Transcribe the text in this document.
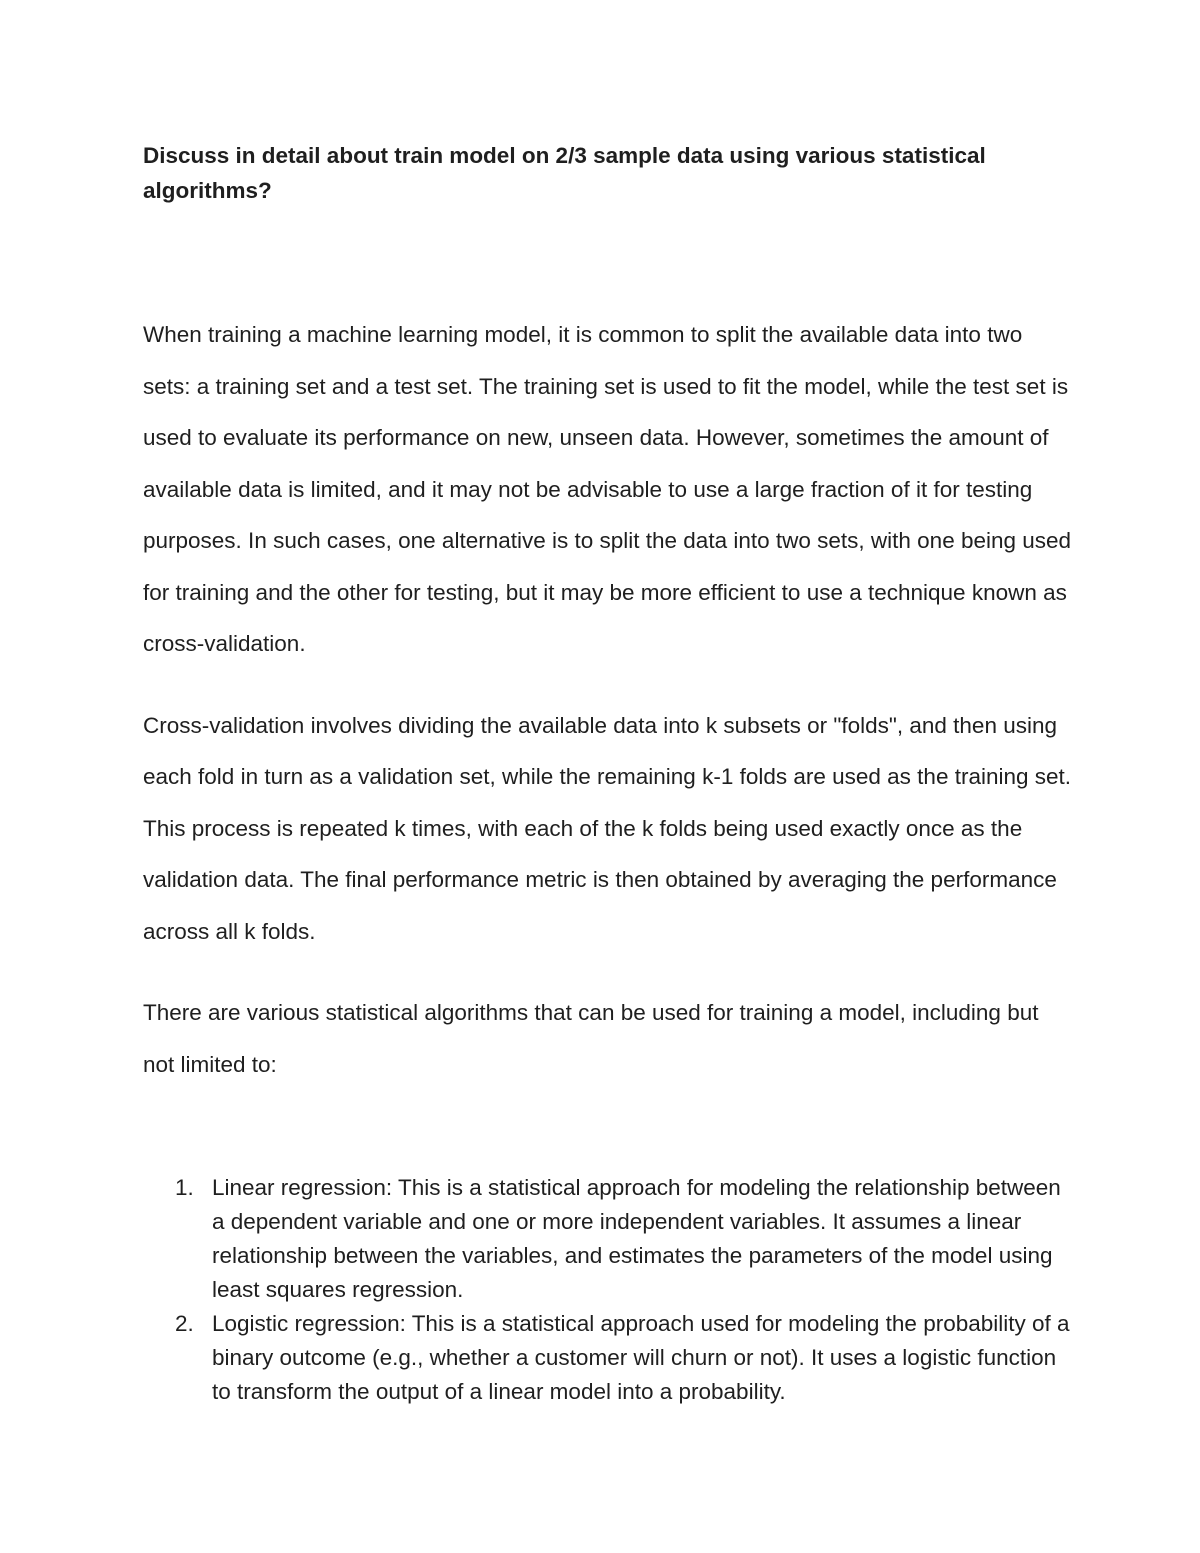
Discuss in detail about train model on 2/3 sample data using various statistical algorithms?

When training a machine learning model, it is common to split the available data into two sets: a training set and a test set. The training set is used to fit the model, while the test set is used to evaluate its performance on new, unseen data. However, sometimes the amount of available data is limited, and it may not be advisable to use a large fraction of it for testing purposes. In such cases, one alternative is to split the data into two sets, with one being used for training and the other for testing, but it may be more efficient to use a technique known as cross-validation.

Cross-validation involves dividing the available data into k subsets or "folds", and then using each fold in turn as a validation set, while the remaining k-1 folds are used as the training set. This process is repeated k times, with each of the k folds being used exactly once as the validation data. The final performance metric is then obtained by averaging the performance across all k folds.

There are various statistical algorithms that can be used for training a model, including but not limited to:

Linear regression: This is a statistical approach for modeling the relationship between a dependent variable and one or more independent variables. It assumes a linear relationship between the variables, and estimates the parameters of the model using least squares regression.
Logistic regression: This is a statistical approach used for modeling the probability of a binary outcome (e.g., whether a customer will churn or not). It uses a logistic function to transform the output of a linear model into a probability.
